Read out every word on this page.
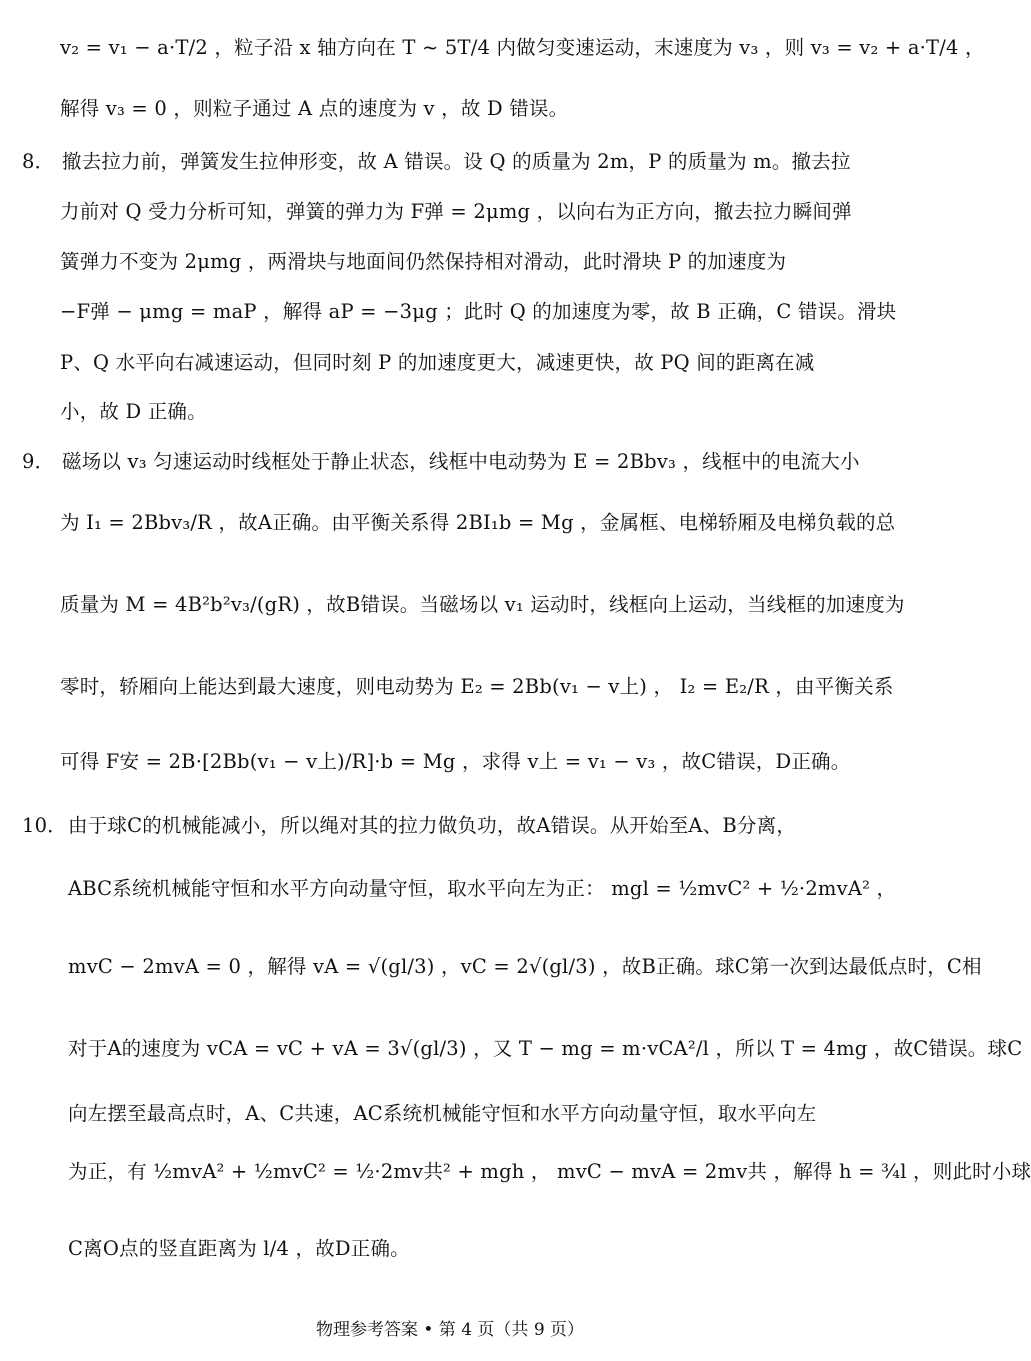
v₂ = v₁ − a·T/2 ，粒子沿 x 轴方向在 T ~ 5T/4 内做匀变速运动，末速度为 v₃ ，则 v₃ = v₂ + a·T/4 ，
解得 v₃ = 0 ，则粒子通过 A 点的速度为 v ，故 D 错误。
8． 撤去拉力前，弹簧发生拉伸形变，故 A 错误。设 Q 的质量为 2m，P 的质量为 m。撤去拉
力前对 Q 受力分析可知，弹簧的弹力为 F弹 = 2μmg ，以向右为正方向，撤去拉力瞬间弹
簧弹力不变为 2μmg ，两滑块与地面间仍然保持相对滑动，此时滑块 P 的加速度为
−F弹 − μmg = maP ，解得 aP = −3μg ；此时 Q 的加速度为零，故 B 正确，C 错误。滑块
P、Q 水平向右减速运动，但同时刻 P 的加速度更大，减速更快，故 PQ 间的距离在减
小，故 D 正确。
9． 磁场以 v₃ 匀速运动时线框处于静止状态，线框中电动势为 E = 2Bbv₃ ，线框中的电流大小
为 I₁ = 2Bbv₃/R ，故A正确。由平衡关系得 2BI₁b = Mg ，金属框、电梯轿厢及电梯负载的总
质量为 M = 4B²b²v₃/(gR) ，故B错误。当磁场以 v₁ 运动时，线框向上运动，当线框的加速度为
零时，轿厢向上能达到最大速度，则电动势为 E₂ = 2Bb(v₁ − v上) ， I₂ = E₂/R ，由平衡关系
可得 F安 = 2B·[2Bb(v₁ − v上)/R]·b = Mg ，求得 v上 = v₁ − v₃ ，故C错误，D正确。
10．由于球C的机械能减小，所以绳对其的拉力做负功，故A错误。从开始至A、B分离，
ABC系统机械能守恒和水平方向动量守恒，取水平向左为正： mgl = ½mvC² + ½·2mvA² ，
mvC − 2mvA = 0 ，解得 vA = √(gl/3) ，vC = 2√(gl/3) ，故B正确。球C第一次到达最低点时，C相
对于A的速度为 vCA = vC + vA = 3√(gl/3) ，又 T − mg = m·vCA²/l ，所以 T = 4mg ，故C错误。球C
向左摆至最高点时，A、C共速，AC系统机械能守恒和水平方向动量守恒，取水平向左
为正，有 ½mvA² + ½mvC² = ½·2mv共² + mgh ， mvC − mvA = 2mv共 ，解得 h = ¾l ，则此时小球
C离O点的竖直距离为 l/4 ，故D正确。
物理参考答案 • 第 4 页（共 9 页）
